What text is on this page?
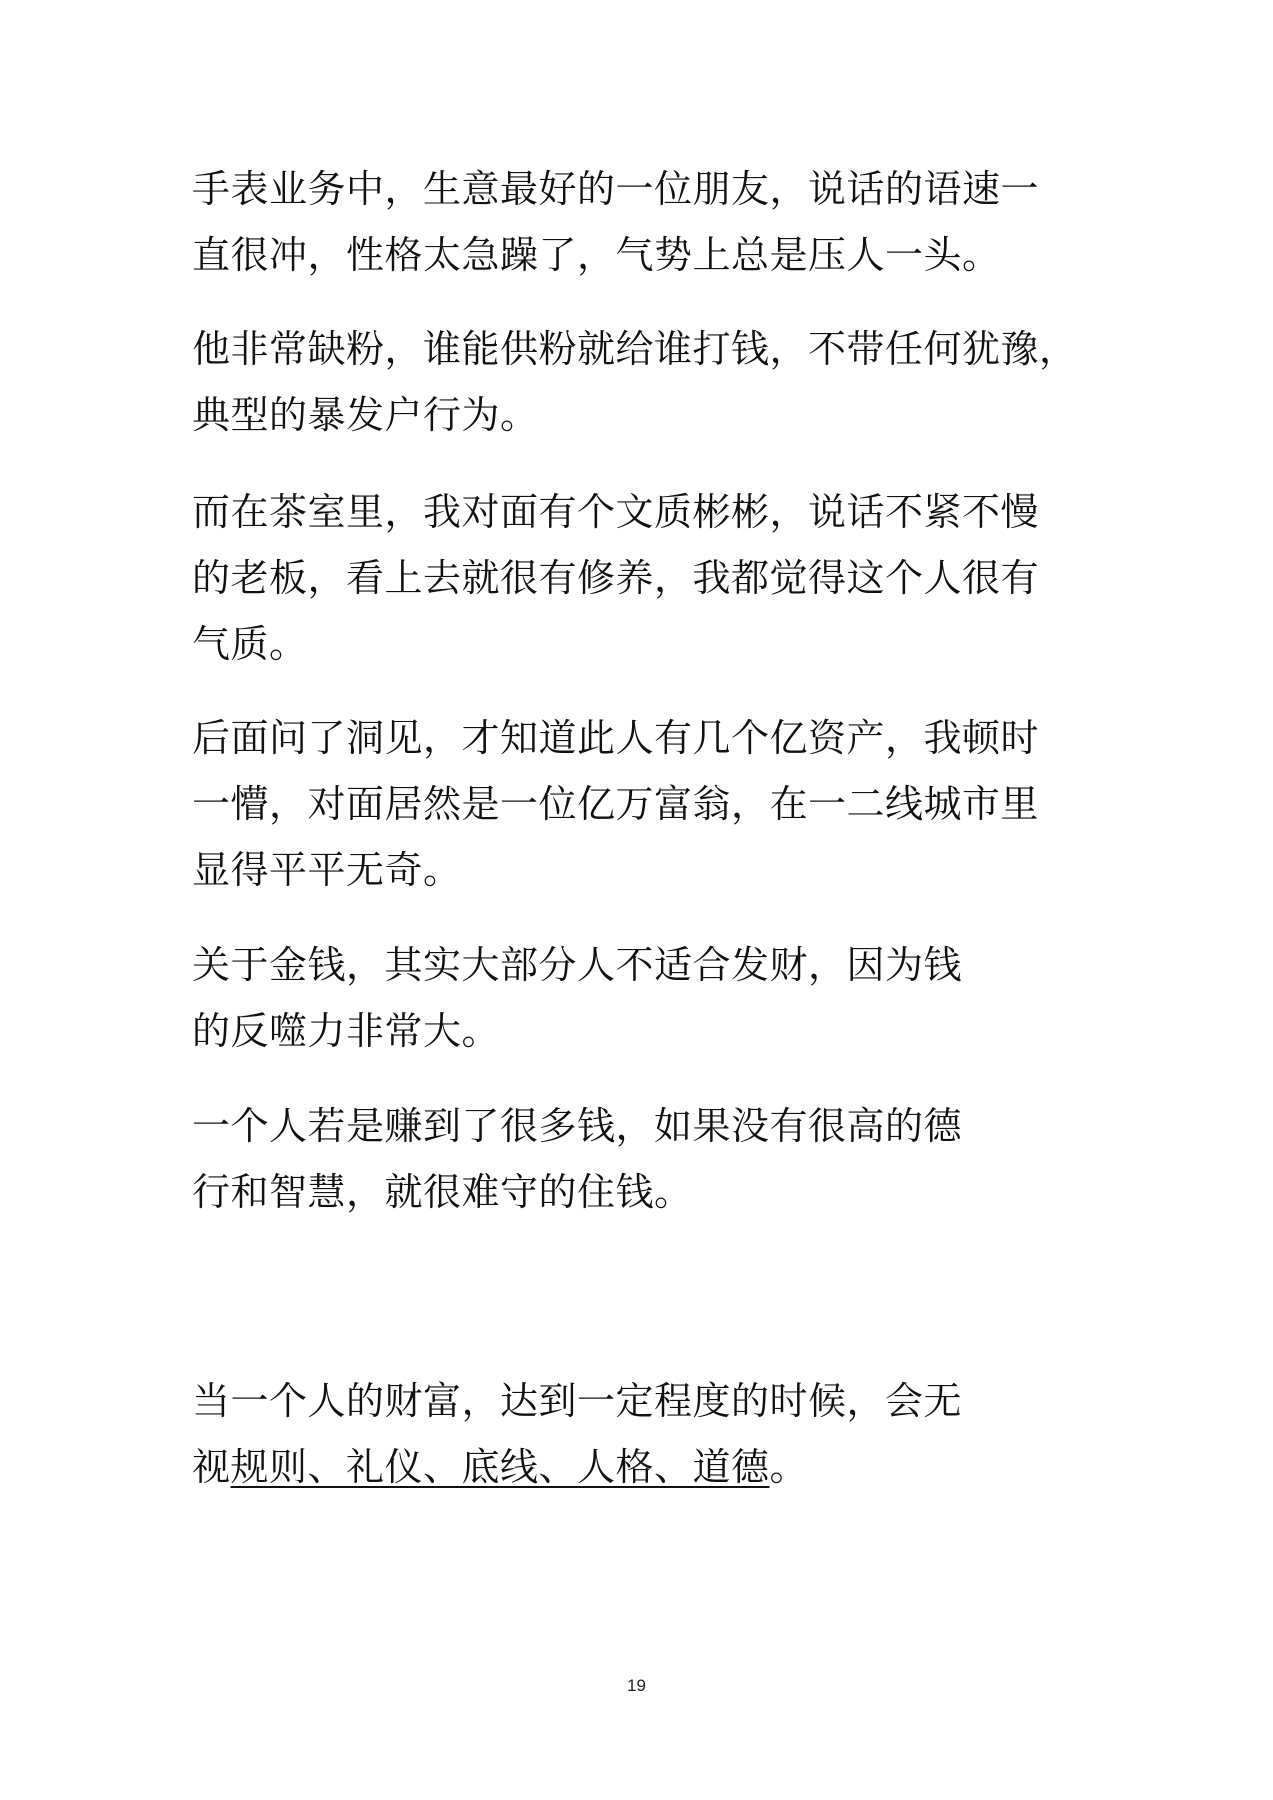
手表业务中，生意最好的一位朋友，说话的语速一
直很冲，性格太急躁了，气势上总是压人一头。

他非常缺粉，谁能供粉就给谁打钱，不带任何犹豫，
典型的暴发户行为。

而在茶室里，我对面有个文质彬彬，说话不紧不慢
的老板，看上去就很有修养，我都觉得这个人很有
气质。

后面问了洞见，才知道此人有几个亿资产，我顿时
一懵，对面居然是一位亿万富翁，在一二线城市里
显得平平无奇。

关于金钱，其实大部分人不适合发财，因为钱
的反噬力非常大。

一个人若是赚到了很多钱，如果没有很高的德
行和智慧，就很难守的住钱。

当一个人的财富，达到一定程度的时候，会无
视规则、礼仪、底线、人格、道德。

19
